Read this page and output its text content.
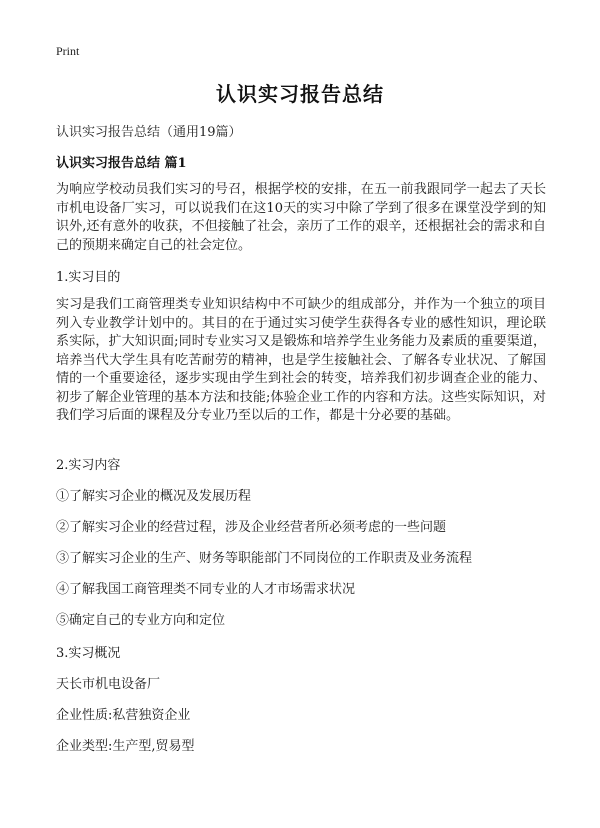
Print
认识实习报告总结
认识实习报告总结（通用19篇）
认识实习报告总结 篇1

为响应学校动员我们实习的号召，根据学校的安排，在五一前我跟同学一起去了天长市机电设备厂实习，可以说我们在这10天的实习中除了学到了很多在课堂没学到的知识外,还有意外的收获，不但接触了社会，亲历了工作的艰辛，还根据社会的需求和自己的预期来确定自己的社会定位。

1.实习目的

实习是我们工商管理类专业知识结构中不可缺少的组成部分，并作为一个独立的项目列入专业教学计划中的。其目的在于通过实习使学生获得各专业的感性知识，理论联系实际，扩大知识面;同时专业实习又是锻炼和培养学生业务能力及素质的重要渠道，培养当代大学生具有吃苦耐劳的精神，也是学生接触社会、了解各专业状况、了解国情的一个重要途径，逐步实现由学生到社会的转变，培养我们初步调查企业的能力、初步了解企业管理的基本方法和技能;体验企业工作的内容和方法。这些实际知识，对我们学习后面的课程及分专业乃至以后的工作，都是十分必要的基础。

2.实习内容
①了解实习企业的概况及发展历程
②了解实习企业的经营过程，涉及企业经营者所必须考虑的一些问题
③了解实习企业的生产、财务等职能部门不同岗位的工作职责及业务流程
④了解我国工商管理类不同专业的人才市场需求状况
⑤确定自己的专业方向和定位
3.实习概况
天长市机电设备厂
企业性质:私营独资企业
企业类型:生产型,贸易型
